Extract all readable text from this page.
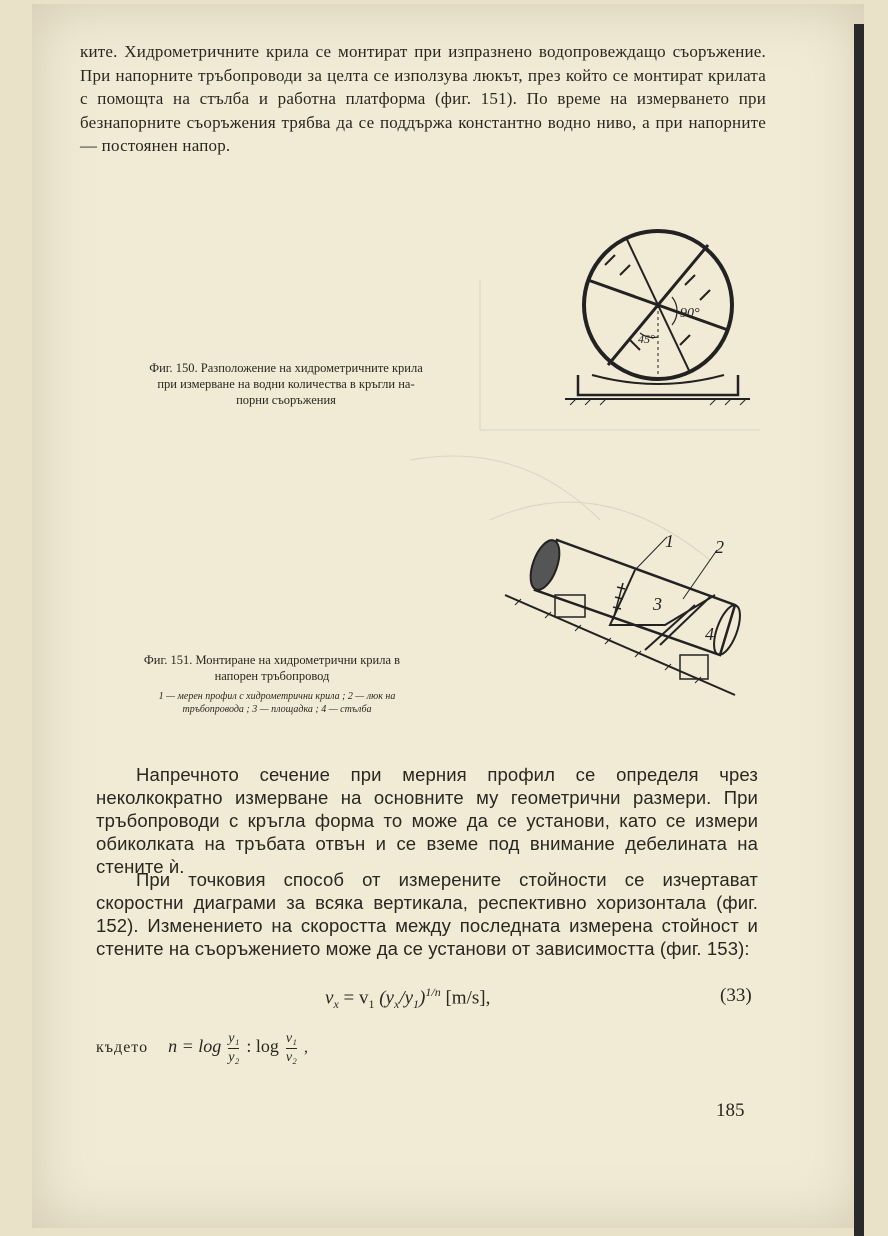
ките. Хидрометричните крила се монтират при изпразнено водопровеждащо съоръжение. При напорните тръбопроводи за целта се използува люкът, през който се монтират крилата с помощта на стълба и работна платформа (фиг. 151). По време на измерването при безнапорните съоръжения трябва да се поддържа константно водно ниво, а при напорните — постоянен напор.
90°
45°
Фиг. 150. Разположение на хидрометричните крила
при измерване на водни количества в кръгли на-
порни съоръжения
1 2
3
4
Фиг. 151. Монтиране на хидрометрични крила в
напорен тръбопровод
1 — мерен профил с хидрометрични крила ; 2 — люк на
тръбопровода ; 3 — площадка ; 4 — стълба

Напречното сечение при мерния профил се определя чрез неколкократно измерване на основните му геометрични размери. При тръбопроводи с кръгла форма то може да се установи, като се измери обиколката на тръбата отвън и се вземе под внимание дебелината на стените ѝ.

При точковия способ от измерените стойности се изчертават скоростни диаграми за всяка вертикала, респективно хоризонтала (фиг. 152). Изменението на скоростта между последната измерена стойност и стените на съоръжението може да се установи от зависимостта (фиг. 153):

$v_x = v_1$ $(y_x/y_1)^{1/n}$ [m/s],	(33)
където $n = \log \frac{\text{y₁}}{\text{y₂}}$ : $\log \frac{\text{v₁}}{\text{v₂}}$ ,
185
